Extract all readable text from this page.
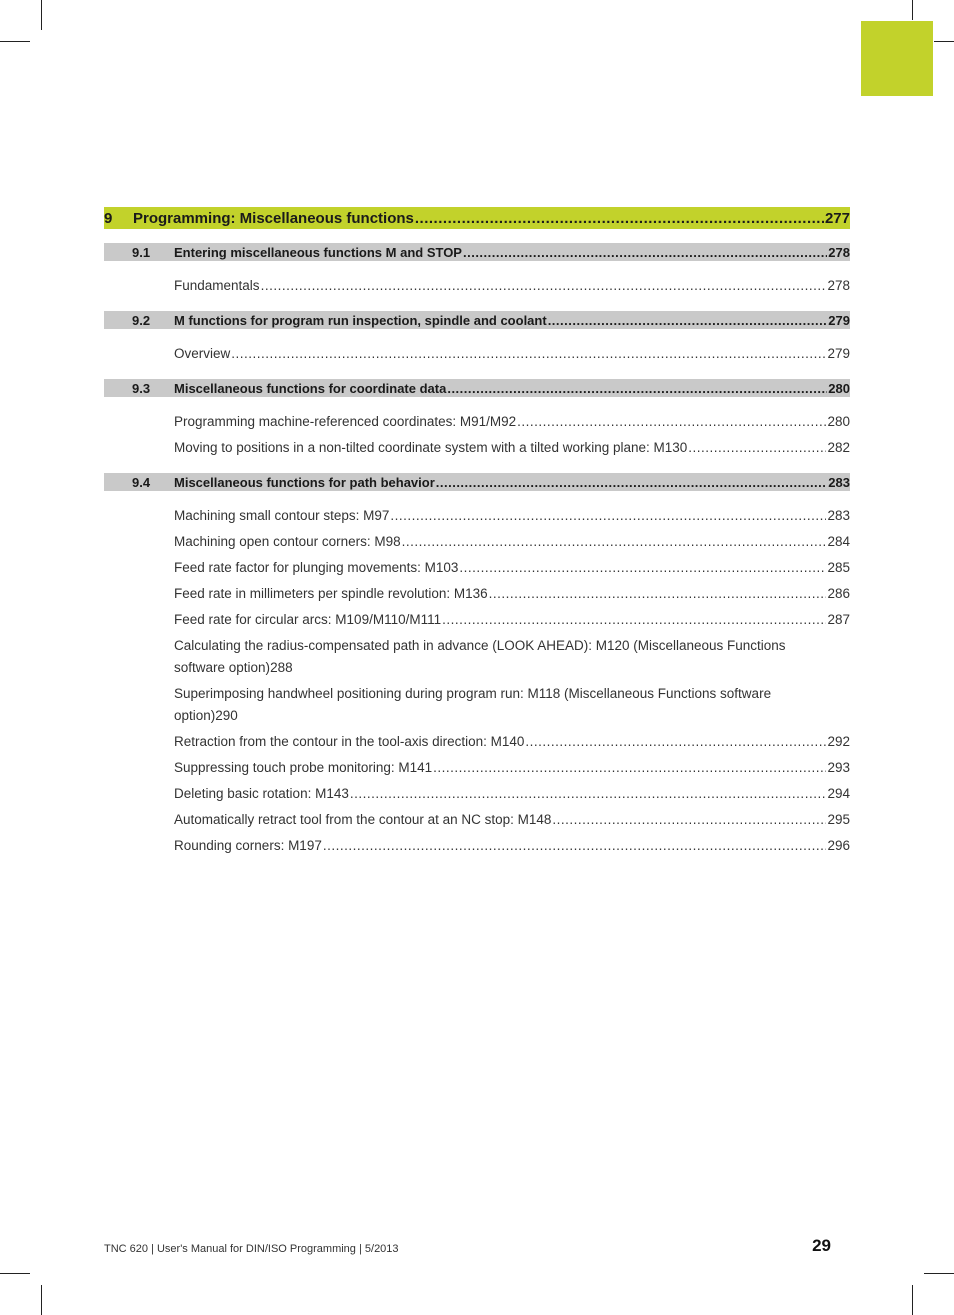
9	Programming: Miscellaneous functions .....	277
9.1	Entering miscellaneous functions M and STOP .....	278
Fundamentals .....	278
9.2	M functions for program run inspection, spindle and coolant .....	279
Overview .....	279
9.3	Miscellaneous functions for coordinate data .....	280
Programming machine-referenced coordinates: M91/M92 .....	280
Moving to positions in a non-tilted coordinate system with a tilted working plane: M130 .....	282
9.4	Miscellaneous functions for path behavior .....	283
Machining small contour steps: M97 .....	283
Machining open contour corners: M98 .....	284
Feed rate factor for plunging movements: M103 .....	285
Feed rate in millimeters per spindle revolution: M136 .....	286
Feed rate for circular arcs: M109/M110/M111 .....	287
Calculating the radius-compensated path in advance (LOOK AHEAD): M120 (Miscellaneous Functions
software option) 288
Superimposing handwheel positioning during program run: M118 (Miscellaneous Functions software
option) 290
Retraction from the contour in the tool-axis direction: M140 .....	292
Suppressing touch probe monitoring: M141 .....	293
Deleting basic rotation: M143 .....	294
Automatically retract tool from the contour at an NC stop: M148 .....	295
Rounding corners: M197 .....	296
TNC 620 | User's Manual for DIN/ISO Programming | 5/2013	29
